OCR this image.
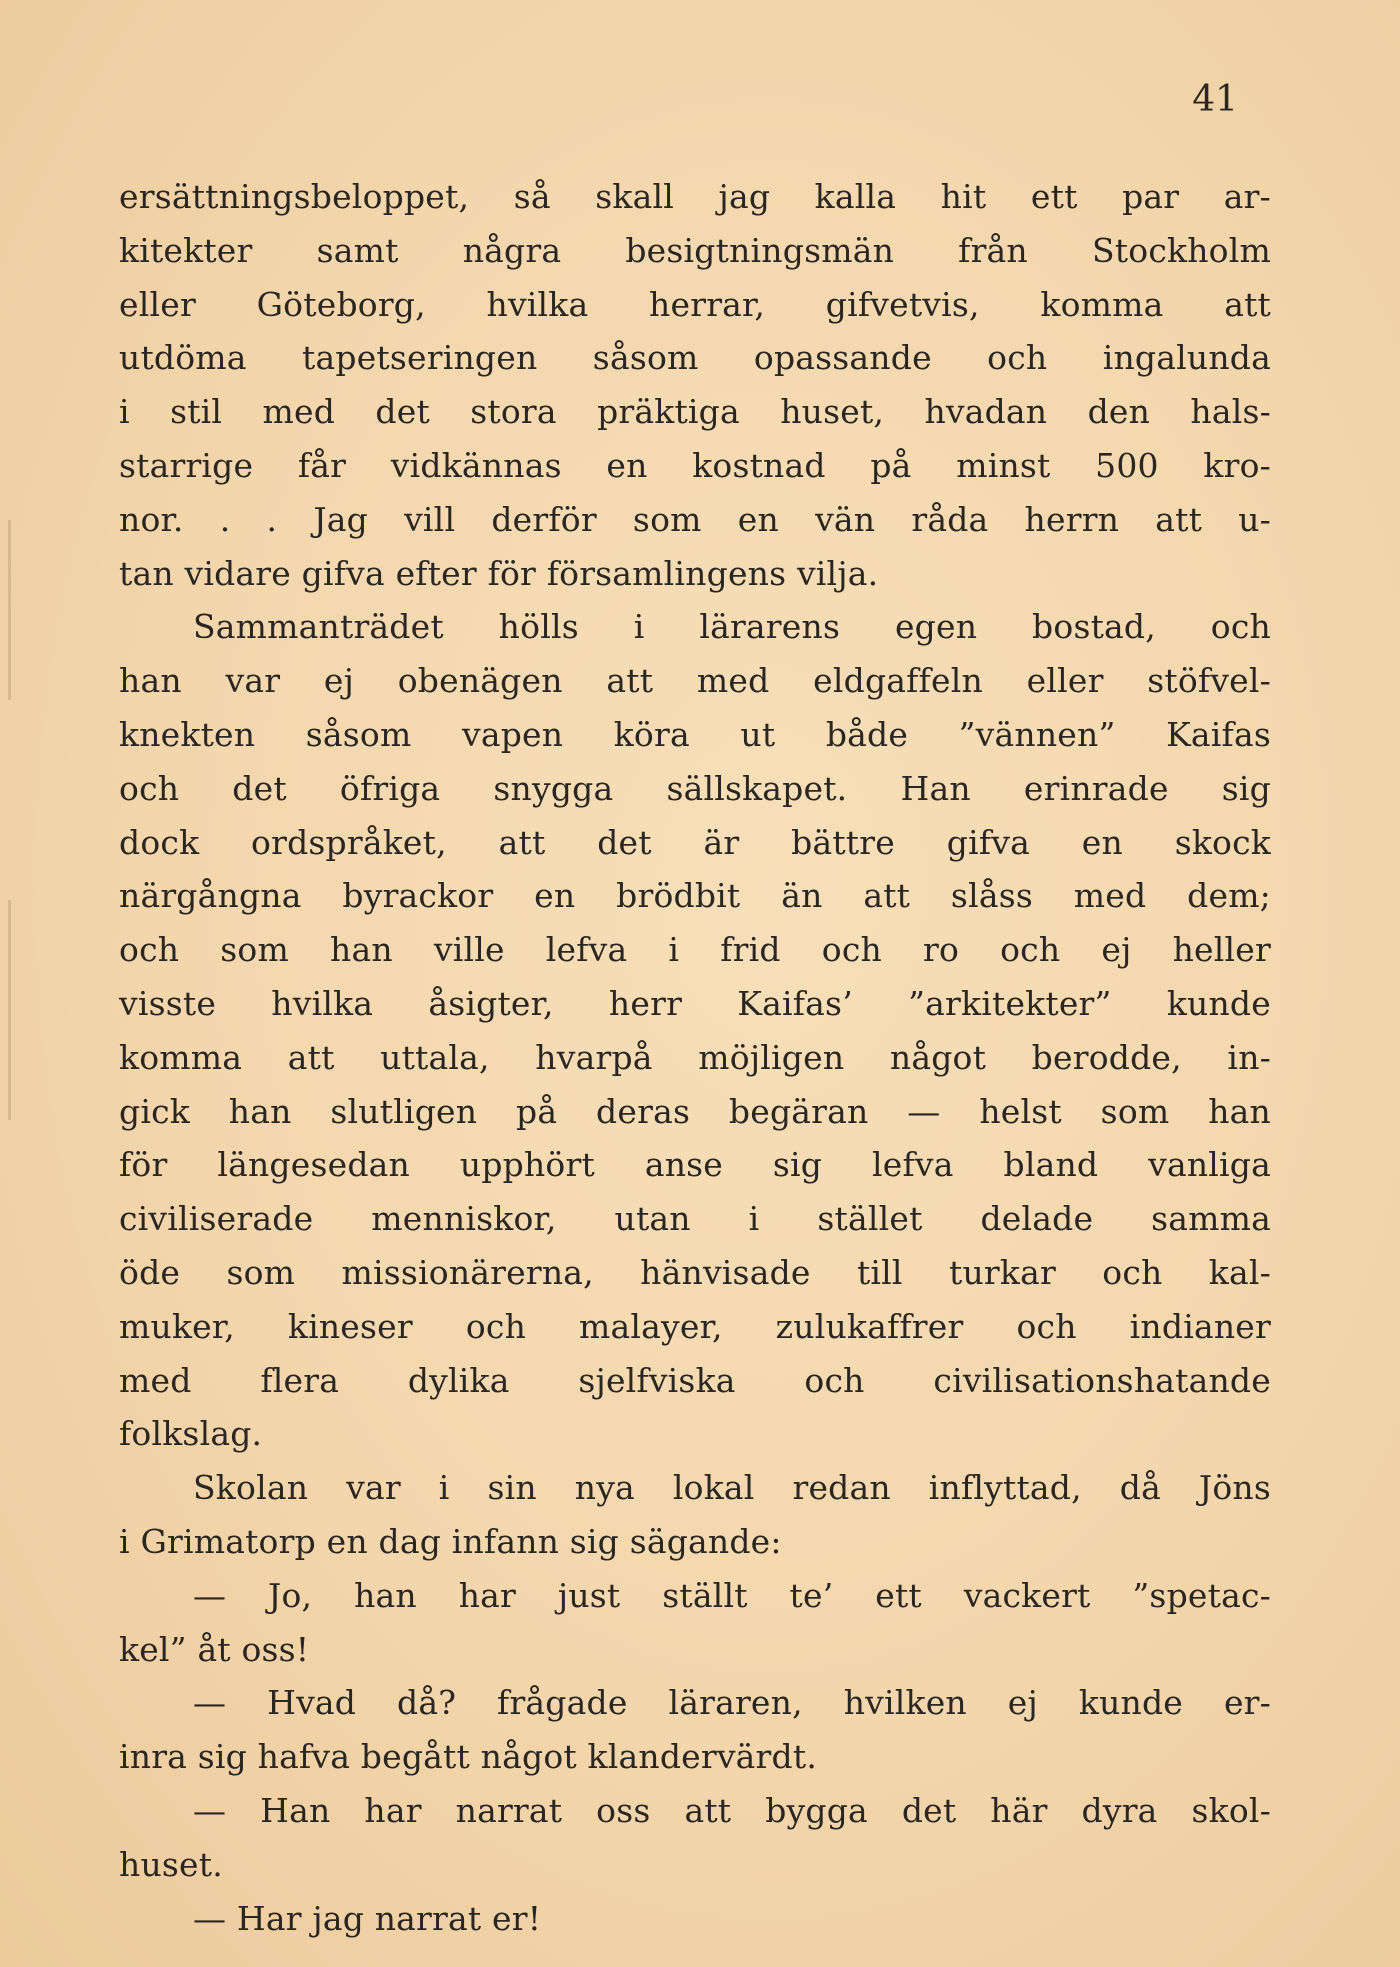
41
ersättningsbeloppet, så skall jag kalla hit ett par ar-
kitekter samt några besigtningsmän från Stockholm
eller Göteborg, hvilka herrar, gifvetvis, komma att
utdöma tapetseringen såsom opassande och ingalunda
i stil med det stora präktiga huset, hvadan den hals-
starrige får vidkännas en kostnad på minst 500 kro-
nor. . . Jag vill derför som en vän råda herrn att u-
tan vidare gifva efter för församlingens vilja.
Sammanträdet hölls i lärarens egen bostad, och
han var ej obenägen att med eldgaffeln eller stöfvel-
knekten såsom vapen köra ut både ”vännen” Kaifas
och det öfriga snygga sällskapet. Han erinrade sig
dock ordspråket, att det är bättre gifva en skock
närgångna byrackor en brödbit än att slåss med dem;
och som han ville lefva i frid och ro och ej heller
visste hvilka åsigter, herr Kaifas’ ”arkitekter” kunde
komma att uttala, hvarpå möjligen något berodde, in-
gick han slutligen på deras begäran — helst som han
för längesedan upphört anse sig lefva bland vanliga
civiliserade menniskor, utan i stället delade samma
öde som missionärerna, hänvisade till turkar och kal-
muker, kineser och malayer, zulukaffrer och indianer
med flera dylika sjelfviska och civilisationshatande
folkslag.
Skolan var i sin nya lokal redan inflyttad, då Jöns
i Grimatorp en dag infann sig sägande:
— Jo, han har just ställt te’ ett vackert ”spetac-
kel” åt oss!
— Hvad då? frågade läraren, hvilken ej kunde er-
inra sig hafva begått något klandervärdt.
— Han har narrat oss att bygga det här dyra skol-
huset.
— Har jag narrat er!
